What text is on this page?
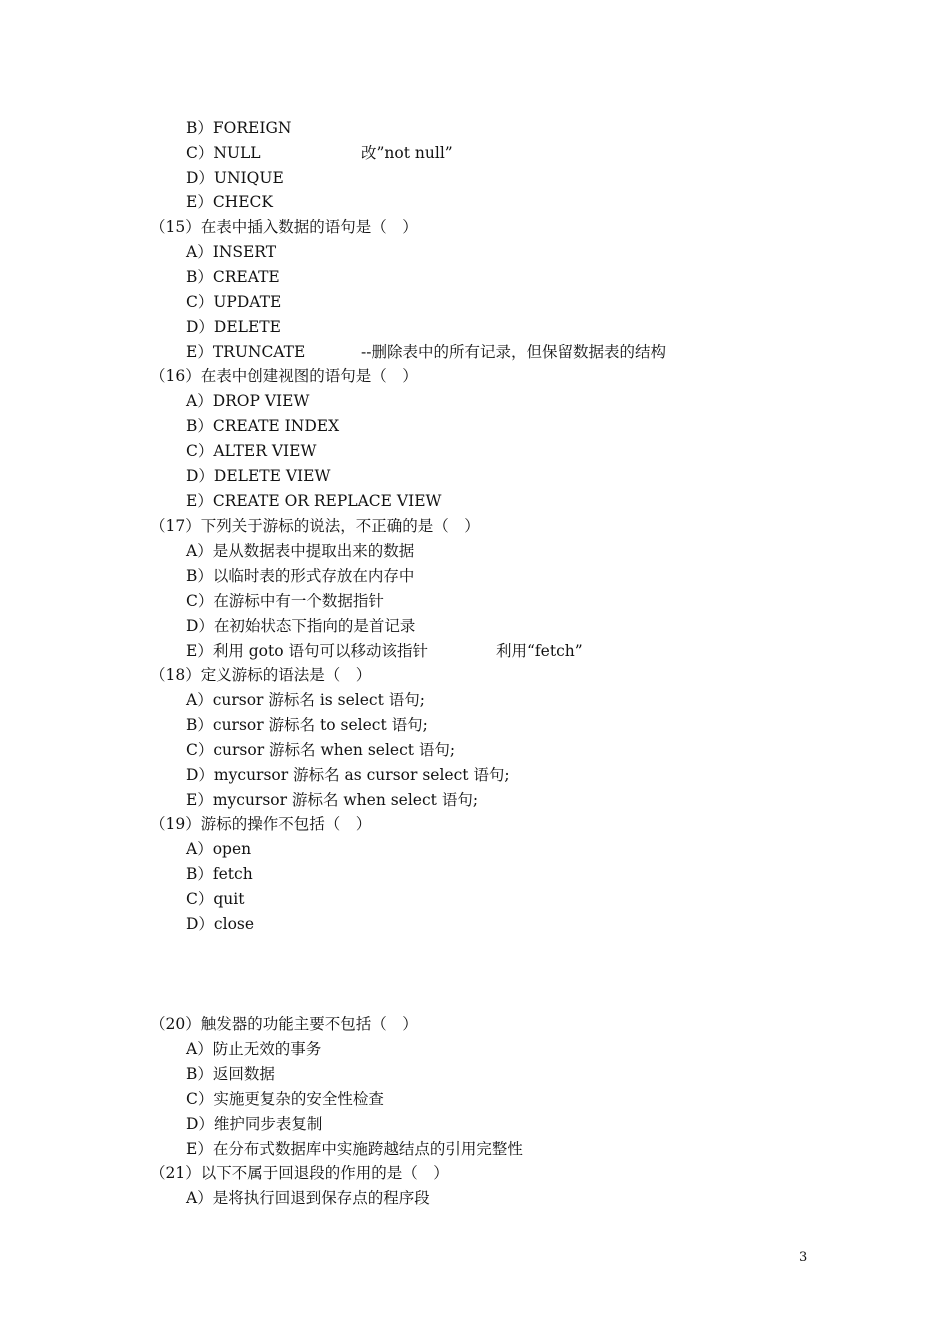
B）FOREIGN
C）NULL	改”not null”
D）UNIQUE
E）CHECK
（15）在表中插入数据的语句是（　）
A）INSERT
B）CREATE
C）UPDATE
D）DELETE
E）TRUNCATE	--删除表中的所有记录，但保留数据表的结构
（16）在表中创建视图的语句是（　）
A）DROP VIEW
B）CREATE INDEX
C）ALTER VIEW
D）DELETE VIEW
E）CREATE OR REPLACE VIEW
（17）下列关于游标的说法，不正确的是（　）
A）是从数据表中提取出来的数据
B）以临时表的形式存放在内存中
C）在游标中有一个数据指针
D）在初始状态下指向的是首记录
E）利用 goto 语句可以移动该指针	利用“fetch”
（18）定义游标的语法是（　）
A）cursor 游标名 is select 语句;
B）cursor 游标名 to select 语句;
C）cursor 游标名 when select 语句;
D）mycursor 游标名 as cursor select 语句;
E）mycursor 游标名 when select 语句;
（19）游标的操作不包括（　）
A）open
B）fetch
C）quit
D）close
（20）触发器的功能主要不包括（　）
A）防止无效的事务
B）返回数据
C）实施更复杂的安全性检查
D）维护同步表复制
E）在分布式数据库中实施跨越结点的引用完整性
（21）以下不属于回退段的作用的是（　）
A）是将执行回退到保存点的程序段
3
